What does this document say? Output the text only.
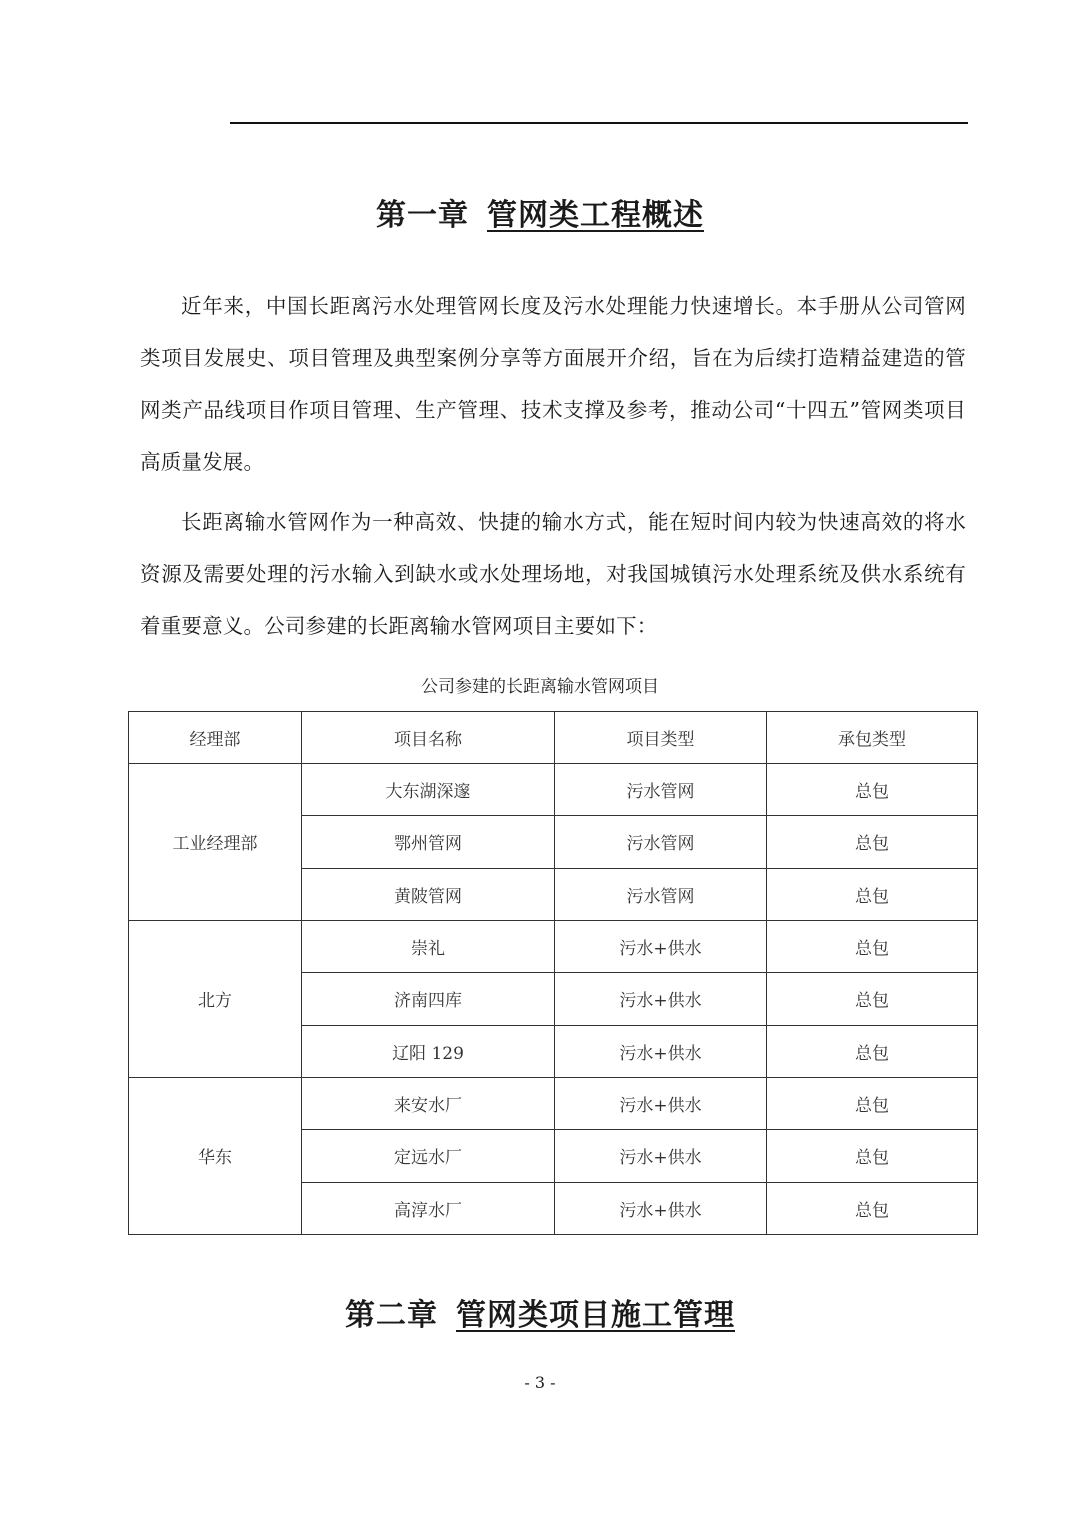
第一章 管网类工程概述

近年来，中国长距离污水处理管网长度及污水处理能力快速增长。本手册从公司管网类项目发展史、项目管理及典型案例分享等方面展开介绍，旨在为后续打造精益建造的管网类产品线项目作项目管理、生产管理、技术支撑及参考，推动公司“十四五”管网类项目高质量发展。

长距离输水管网作为一种高效、快捷的输水方式，能在短时间内较为快速高效的将水资源及需要处理的污水输入到缺水或水处理场地，对我国城镇污水处理系统及供水系统有着重要意义。公司参建的长距离输水管网项目主要如下：

公司参建的长距离输水管网项目

经理部	项目名称	项目类型	承包类型
工业经理部	大东湖深邃	污水管网	总包
	鄂州管网	污水管网	总包
	黄陂管网	污水管网	总包
北方	崇礼	污水+供水	总包
	济南四库	污水+供水	总包
	辽阳 129	污水+供水	总包
华东	来安水厂	污水+供水	总包
	定远水厂	污水+供水	总包
	高淳水厂	污水+供水	总包
第二章 管网类项目施工管理

- 3 -
